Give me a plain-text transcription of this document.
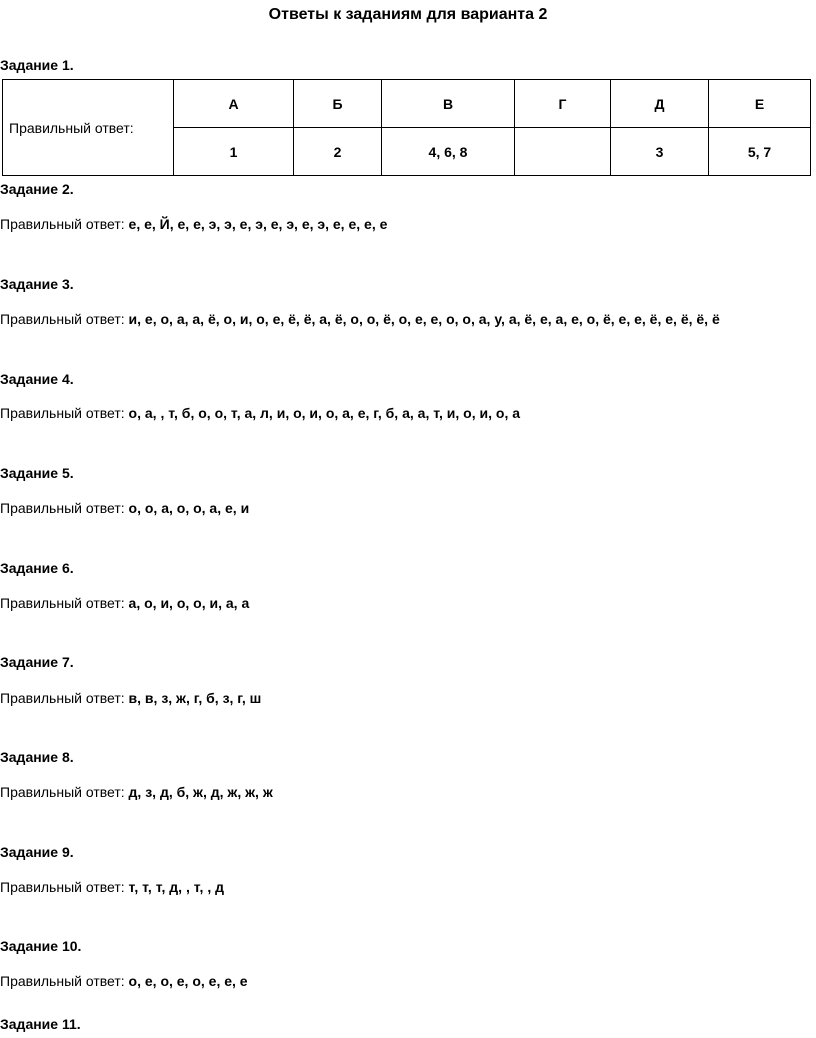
Ответы к заданиям для варианта 2
Задание 1.
Правильный ответ:	А	Б	В	Г	Д	Е
	1	2	4, 6, 8		3	5, 7
Задание 2.
Правильный ответ: е, е, Й, е, е, э, э, е, э, е, э, е, э, е, е, е, е
Задание 3.
Правильный ответ: и, е, о, а, а, ё, о, и, о, е, ё, ё, а, ё, о, о, ё, о, е, е, о, о, а, у, а, ё, е, а, е, о, ё, е, е, ё, е, ё, ё, ё
Задание 4.
Правильный ответ: о, а, , т, б, о, о, т, а, л, и, о, и, о, а, е, г, б, а, а, т, и, о, и, о, а
Задание 5.
Правильный ответ: о, о, а, о, о, а, е, и
Задание 6.
Правильный ответ: а, о, и, о, о, и, а, а
Задание 7.
Правильный ответ: в, в, з, ж, г, б, з, г, ш
Задание 8.
Правильный ответ: д, з, д, б, ж, д, ж, ж, ж
Задание 9.
Правильный ответ: т, т, т, д, , т, , д
Задание 10.
Правильный ответ: о, е, о, е, о, е, е, е
Задание 11.
